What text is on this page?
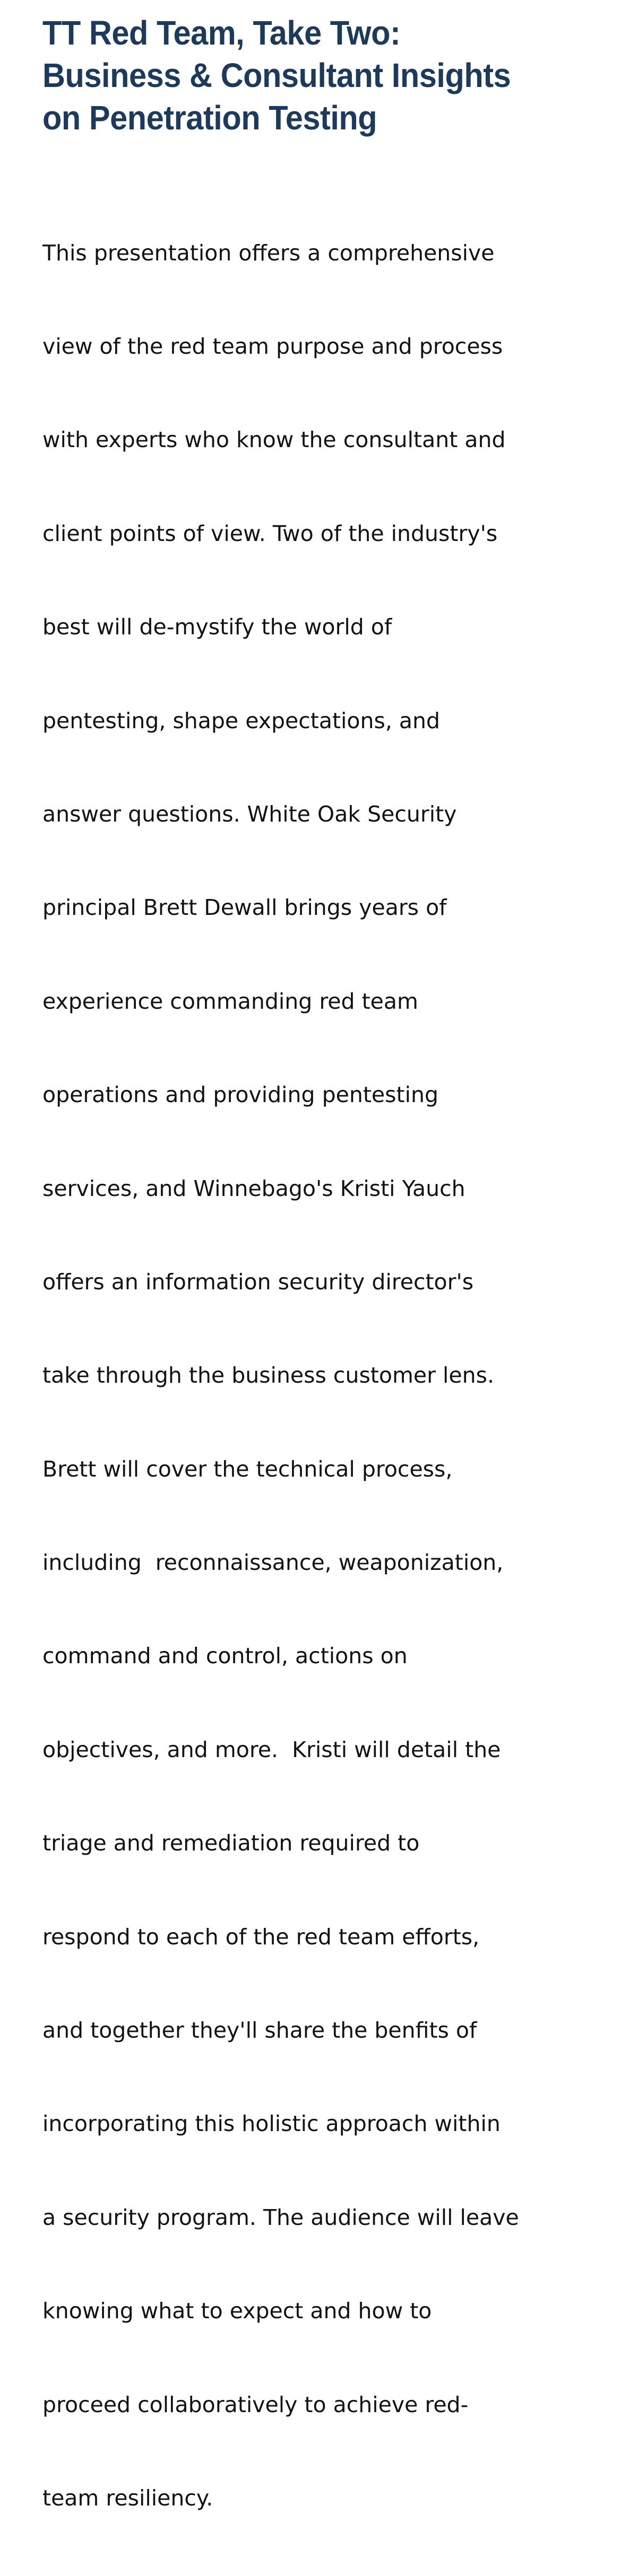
TT Red Team, Take Two:
Business & Consultant Insights
on Penetration Testing

This presentation offers a comprehensive

view of the red team purpose and process

with experts who know the consultant and

client points of view. Two of the industry's

best will de-mystify the world of

pentesting, shape expectations, and

answer questions. White Oak Security

principal Brett Dewall brings years of

experience commanding red team

operations and providing pentesting

services, and Winnebago's Kristi Yauch

offers an information security director's

take through the business customer lens.

Brett will cover the technical process,

including  reconnaissance, weaponization,

command and control, actions on

objectives, and more.  Kristi will detail the

triage and remediation required to

respond to each of the red team efforts,

and together they'll share the benfits of

incorporating this holistic approach within

a security program. The audience will leave

knowing what to expect and how to

proceed collaboratively to achieve red-

team resiliency.
